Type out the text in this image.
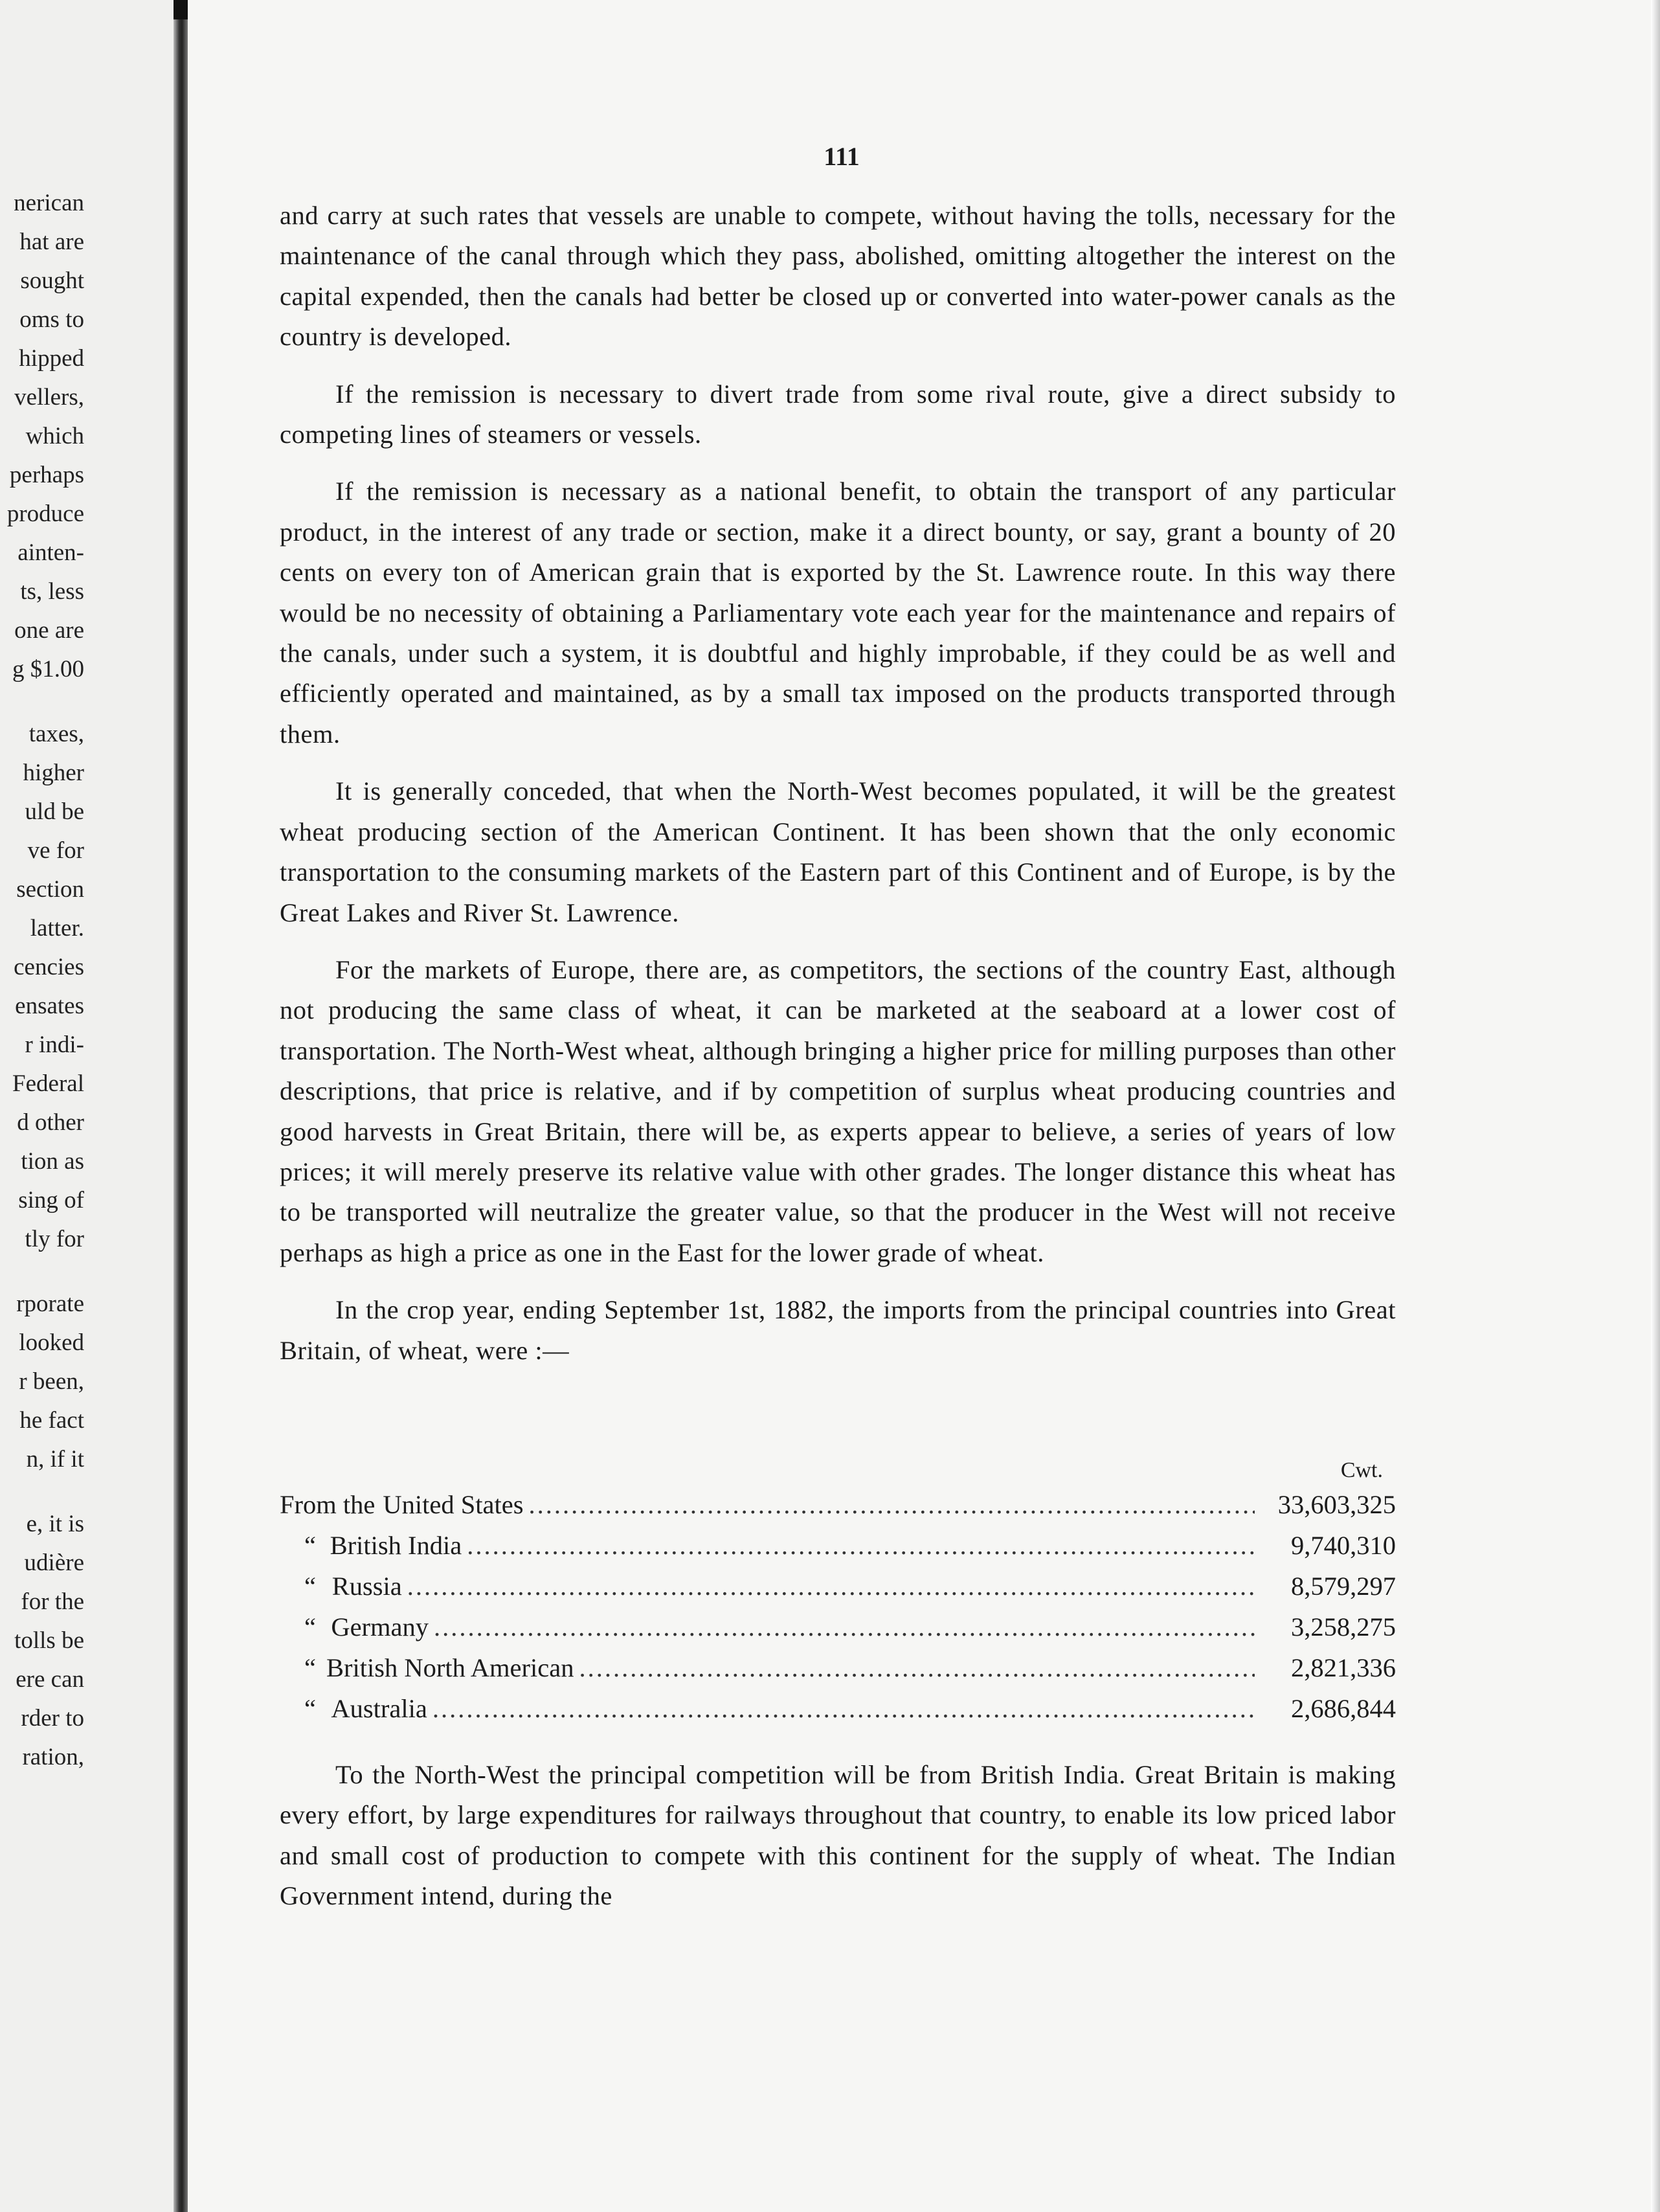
nerican
hat are
sought
oms to
hipped
vellers,
which
perhaps
produce
ainten-
ts, less
one are
g $1.00
taxes,
higher
uld be
ve for
section
latter.
cencies
ensates
r indi-
Federal
d other
tion as
sing of
tly for
rporate
looked
r been,
he fact
n, if it
e, it is
udière
for the
tolls be
ere can
rder to
ration,
111

and carry at such rates that vessels are unable to compete, without having the tolls, necessary for the maintenance of the canal through which they pass, abolished, omitting altogether the interest on the capital expended, then the canals had better be closed up or converted into water-power canals as the country is developed.

If the remission is necessary to divert trade from some rival route, give a direct subsidy to competing lines of steamers or vessels.

If the remission is necessary as a national benefit, to obtain the transport of any particular product, in the interest of any trade or section, make it a direct bounty, or say, grant a bounty of 20 cents on every ton of American grain that is exported by the St. Lawrence route. In this way there would be no necessity of obtaining a Parliamentary vote each year for the maintenance and repairs of the canals, under such a system, it is doubtful and highly improbable, if they could be as well and efficiently operated and maintained, as by a small tax imposed on the products transported through them.

It is generally conceded, that when the North-West becomes populated, it will be the greatest wheat producing section of the American Continent. It has been shown that the only economic transportation to the consuming markets of the Eastern part of this Continent and of Europe, is by the Great Lakes and River St. Lawrence.

For the markets of Europe, there are, as competitors, the sections of the country East, although not producing the same class of wheat, it can be marketed at the seaboard at a lower cost of transportation. The North-West wheat, although bringing a higher price for milling purposes than other descriptions, that price is relative, and if by competition of surplus wheat producing countries and good harvests in Great Britain, there will be, as experts appear to believe, a series of years of low prices; it will merely preserve its relative value with other grades. The longer distance this wheat has to be transported will neutralize the greater value, so that the producer in the West will not receive perhaps as high a price as one in the East for the lower grade of wheat.

In the crop year, ending September 1st, 1882, the imports from the principal countries into Great Britain, of wheat, were :—

Cwt.
From the United States .....	33,603,325
“ British India .....	9,740,310
“ Russia .....	8,579,297
“ Germany .....	3,258,275
“ British North American .....	2,821,336
“ Australia .....	2,686,844

To the North-West the principal competition will be from British India. Great Britain is making every effort, by large expenditures for railways throughout that country, to enable its low priced labor and small cost of production to compete with this continent for the supply of wheat. The Indian Government intend, during the
